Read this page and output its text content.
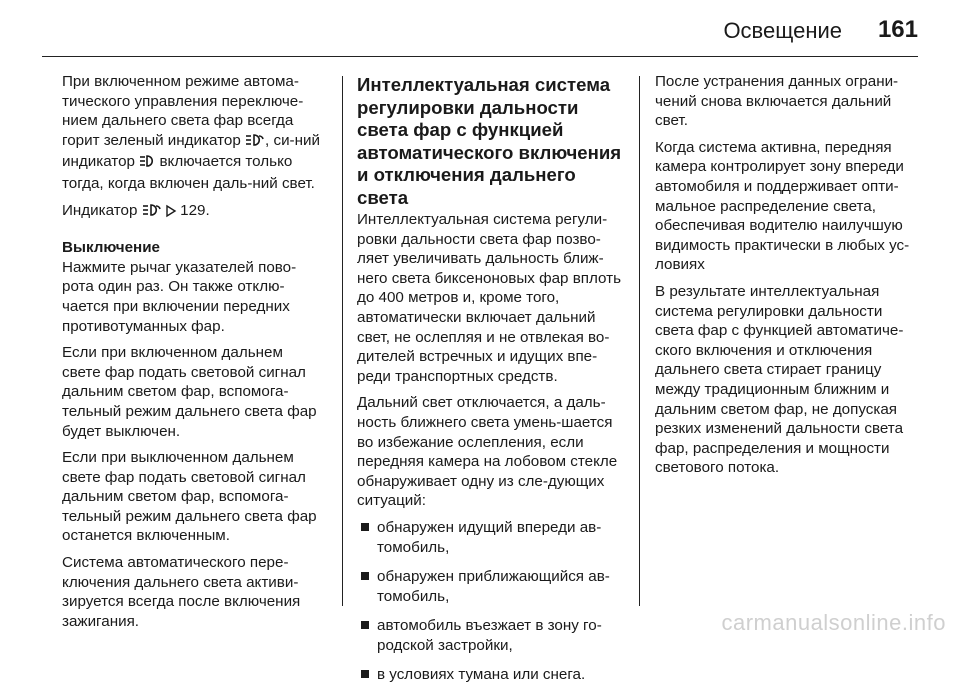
Освещение 161

При включенном режиме автома-тического управления переключе-нием дальнего света фар всегда горит зеленый индикатор , си-ний индикатор включается только тогда, когда включен даль-ний свет.

Индикатор	129.

Выключение

Нажмите рычаг указателей пово-рота один раз. Он также отклю-чается при включении передних противотуманных фар.

Если при включенном дальнем свете фар подать световой сигнал дальним светом фар, вспомога-тельный режим дальнего света фар будет выключен.

Если при выключенном дальнем свете фар подать световой сигнал дальним светом фар, вспомога-тельный режим дальнего света фар останется включенным.

Система автоматического пере-ключения дальнего света активи-зируется всегда после включения зажигания.

Интеллектуальная система регулировки дальности света фар с функцией автоматического включения и отключения дальнего света

Интеллектуальная система регули-ровки дальности света фар позво-ляет увеличивать дальность ближ-него света биксеноновых фар вплоть до 400 метров и, кроме того, автоматически включает дальний свет, не ослепляя и не отвлекая во-дителей встречных и идущих впе-реди транспортных средств.

Дальний свет отключается, а даль-ность ближнего света умень-шается во избежание ослепления, если передняя камера на лобовом стекле обнаруживает одну из сле-дующих ситуаций:

обнаружен идущий впереди ав-томобиль,
обнаружен приближающийся ав-томобиль,
автомобиль въезжает в зону го-родской застройки,
в условиях тумана или снега.

После устранения данных ограни-чений снова включается дальний свет.

Когда система активна, передняя камера контролирует зону впереди автомобиля и поддерживает опти-мальное распределение света, обеспечивая водителю наилучшую видимость практически в любых ус-ловиях

В результате интеллектуальная система регулировки дальности света фар с функцией автоматиче-ского включения и отключения дальнего света стирает границу между традиционным ближним и дальним светом фар, не допуская резких изменений дальности света фар, распределения и мощности светового потока.

carmanualsonline.info
